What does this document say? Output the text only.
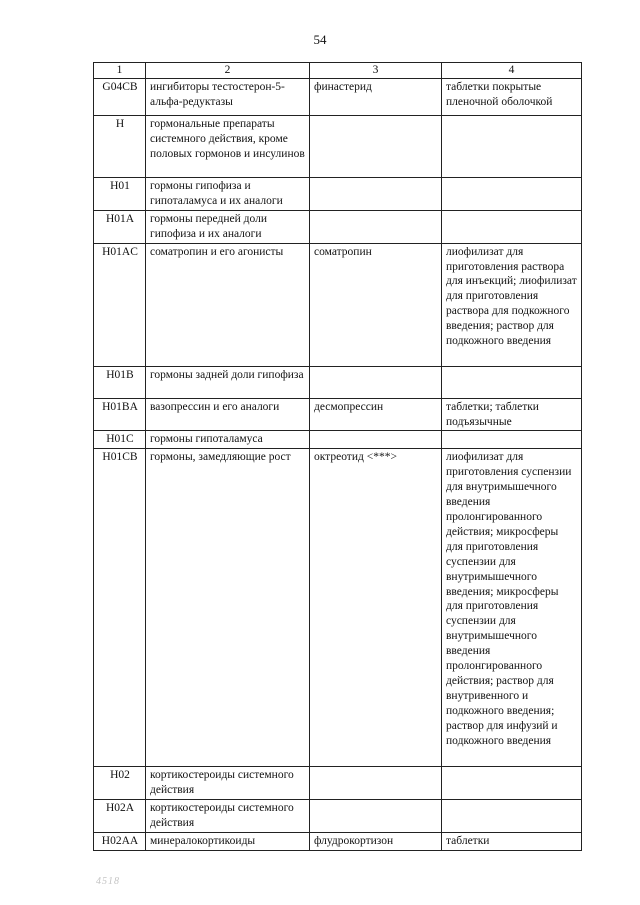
54
1	2	3	4
G04CB	ингибиторы тестостерон-5-альфа-редуктазы	финастерид	таблетки покрытые пленочной оболочкой
H	гормональные препараты системного действия, кроме половых гормонов и инсулинов		
H01	гормоны гипофиза и гипоталамуса и их аналоги		
H01A	гормоны передней доли гипофиза и их аналоги		
H01AC	соматропин и его агонисты	соматропин	лиофилизат для приготовления раствора для инъекций; лиофилизат для приготовления раствора для подкожного введения; раствор для подкожного введения
H01B	гормоны задней доли гипофиза		
H01BA	вазопрессин и его аналоги	десмопрессин	таблетки; таблетки подъязычные
H01C	гормоны гипоталамуса		
H01CB	гормоны, замедляющие рост	октреотид <***>	лиофилизат для приготовления суспензии для внутримышечного введения пролонгированного действия; микросферы для приготовления суспензии для внутримышечного введения; микросферы для приготовления суспензии для внутримышечного введения пролонгированного действия; раствор для внутривенного и подкожного введения; раствор для инфузий и подкожного введения
H02	кортикостероиды системного действия		
H02A	кортикостероиды системного действия		
H02AA	минералокортикоиды	флудрокортизон	таблетки
4518
